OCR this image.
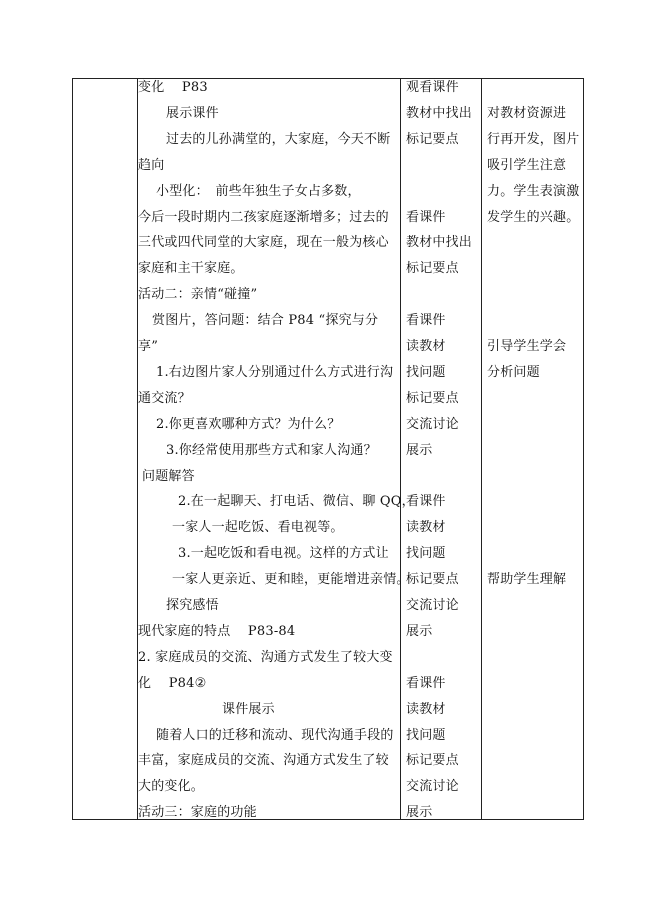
变化　 P83
展示课件
过去的儿孙满堂的，大家庭，今天不断
趋向
小型化：　前些年独生子女占多数，
今后一段时期内二孩家庭逐渐增多；过去的
三代或四代同堂的大家庭，现在一般为核心
家庭和主干家庭。
活动二：亲情“碰撞”
赏图片，答问题：结合 P84 “探究与分
享”
1.右边图片家人分别通过什么方式进行沟
通交流？
2.你更喜欢哪种方式？为什么？
3.你经常使用那些方式和家人沟通？
问题解答
2.在一起聊天、打电话、微信、聊 QQ，
一家人一起吃饭、看电视等。
3.一起吃饭和看电视。这样的方式让
一家人更亲近、更和睦，更能增进亲情。
探究感悟
现代家庭的特点　 P83-84
2. 家庭成员的交流、沟通方式发生了较大变
化　 P84②
课件展示
随着人口的迁移和流动、现代沟通手段的
丰富，家庭成员的交流、沟通方式发生了较
大的变化。
活动三：家庭的功能
观看课件
教材中找出
标记要点
看课件
教材中找出
标记要点
看课件
读教材
找问题
标记要点
交流讨论
展示
看课件
读教材
找问题
标记要点
交流讨论
展示
看课件
读教材
找问题
标记要点
交流讨论
展示
对教材资源进
行再开发，图片
吸引学生注意
力。学生表演激
发学生的兴趣。
引导学生学会
分析问题
帮助学生理解
